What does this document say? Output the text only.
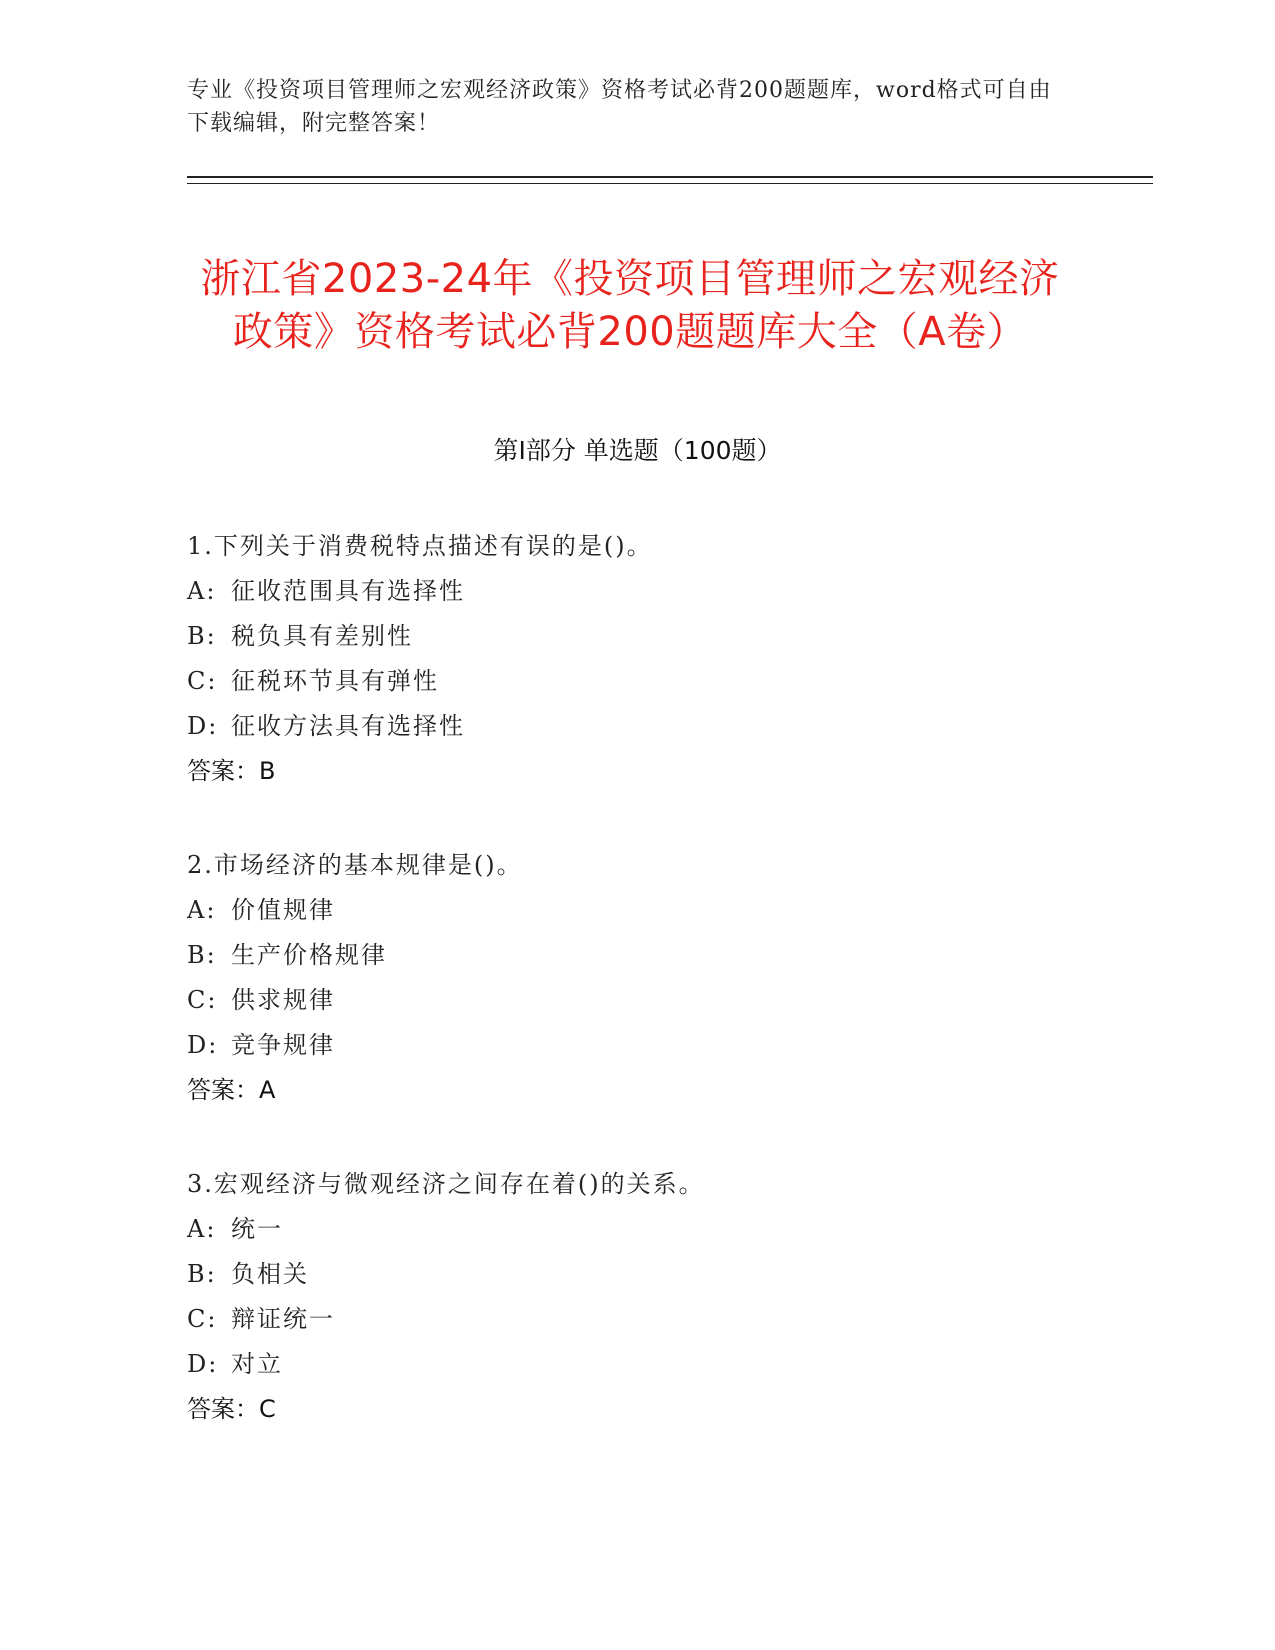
专业《投资项目管理师之宏观经济政策》资格考试必背200题题库，word格式可自由下载编辑，附完整答案！
浙江省2023-24年《投资项目管理师之宏观经济政策》资格考试必背200题题库大全（A卷）
第I部分 单选题（100题）
1.下列关于消费税特点描述有误的是()。
A: 征收范围具有选择性
B: 税负具有差别性
C: 征税环节具有弹性
D: 征收方法具有选择性
答案：B
2.市场经济的基本规律是()。
A: 价值规律
B: 生产价格规律
C: 供求规律
D: 竞争规律
答案：A
3.宏观经济与微观经济之间存在着()的关系。
A: 统一
B: 负相关
C: 辩证统一
D: 对立
答案：C
